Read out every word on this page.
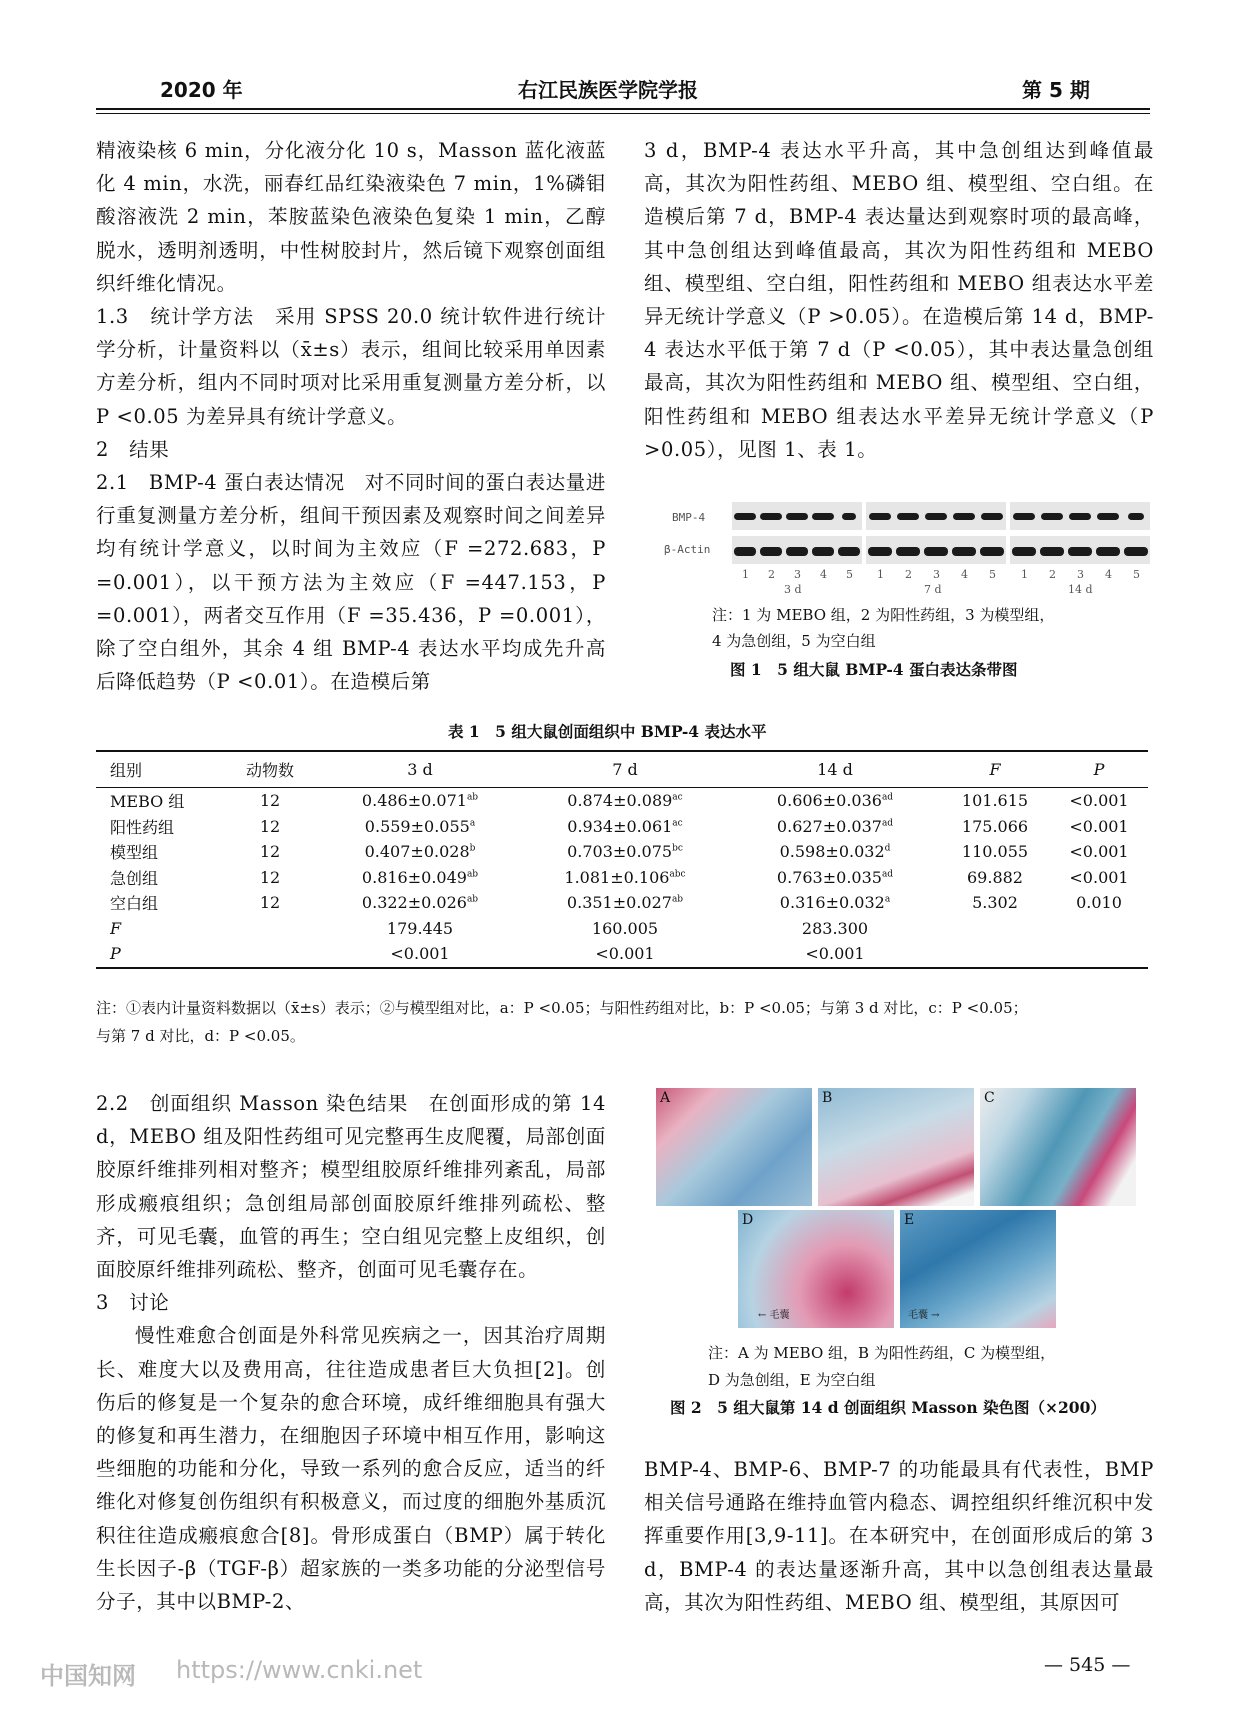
2020 年	右江民族医学院学报	第 5 期

精液染核 6 min，分化液分化 10 s，Masson 蓝化液蓝化 4 min，水洗，丽春红品红染液染色 7 min，1%磷钼酸溶液洗 2 min，苯胺蓝染色液染色复染 1 min，乙醇脱水，透明剂透明，中性树胶封片，然后镜下观察创面组织纤维化情况。

1.3　统计学方法　采用 SPSS 20.0 统计软件进行统计学分析，计量资料以（x̄±s）表示，组间比较采用单因素方差分析，组内不同时项对比采用重复测量方差分析，以 P <0.05 为差异具有统计学意义。

2　结果

2.1　BMP-4 蛋白表达情况　对不同时间的蛋白表达量进行重复测量方差分析，组间干预因素及观察时间之间差异均有统计学意义，以时间为主效应（F =272.683，P =0.001），以干预方法为主效应（F =447.153，P =0.001），两者交互作用（F =35.436，P =0.001），除了空白组外，其余 4 组 BMP-4 表达水平均成先升高后降低趋势（P <0.01）。在造模后第

3 d，BMP-4 表达水平升高，其中急创组达到峰值最高，其次为阳性药组、MEBO 组、模型组、空白组。在造模后第 7 d，BMP-4 表达量达到观察时项的最高峰，其中急创组达到峰值最高，其次为阳性药组和 MEBO 组、模型组、空白组，阳性药组和 MEBO 组表达水平差异无统计学意义（P >0.05）。在造模后第 14 d，BMP-4 表达水平低于第 7 d（P <0.05），其中表达量急创组最高，其次为阳性药组和 MEBO 组、模型组、空白组，阳性药组和 MEBO 组表达水平差异无统计学意义（P >0.05），见图 1、表 1。

BMP-4
β-Actin
1 2 3 4 5 1 2 3 4 5 1 2 3 4 5
3 d	7 d	14 d
注：1 为 MEBO 组，2 为阳性药组，3 为模型组，
4 为急创组，5 为空白组
图 1　5 组大鼠 BMP-4 蛋白表达条带图
表 1　5 组大鼠创面组织中 BMP-4 表达水平
组别	动物数	3 d	7 d	14 d	F	P
MEBO 组	12	0.486±0.071$^{ab}$	0.874±0.089$^{ac}$	0.606±0.036$^{ad}$	101.615	<0.001
阳性药组	12	0.559±0.055$^a$	0.934±0.061$^{ac}$	0.627±0.037$^{ad}$	175.066	<0.001
模型组	12	0.407±0.028$^b$	0.703±0.075$^{bc}$	0.598±0.032$^d$	110.055	<0.001
急创组	12	0.816±0.049$^{ab}$	1.081±0.106$^{abc}$	0.763±0.035$^{ad}$	69.882	<0.001
空白组	12	0.322±0.026$^{ab}$	0.351±0.027$^{ab}$	0.316±0.032$^a$	5.302	0.010
F		179.445	160.005	283.300		
P		<0.001	<0.001	<0.001		
注：①表内计量资料数据以（x̄±s）表示；②与模型组对比，a：P <0.05；与阳性药组对比，b：P <0.05；与第 3 d 对比，c：P <0.05；
与第 7 d 对比，d：P <0.05。

2.2　创面组织 Masson 染色结果　在创面形成的第 14 d，MEBO 组及阳性药组可见完整再生皮爬覆，局部创面胶原纤维排列相对整齐；模型组胶原纤维排列紊乱，局部形成瘢痕组织；急创组局部创面胶原纤维排列疏松、整齐，可见毛囊，血管的再生；空白组见完整上皮组织，创面胶原纤维排列疏松、整齐，创面可见毛囊存在。

3　讨论

慢性难愈合创面是外科常见疾病之一，因其治疗周期长、难度大以及费用高，往往造成患者巨大负担[2]。创伤后的修复是一个复杂的愈合环境，成纤维细胞具有强大的修复和再生潜力，在细胞因子环境中相互作用，影响这些细胞的功能和分化，导致一系列的愈合反应，适当的纤维化对修复创伤组织有积极意义，而过度的细胞外基质沉积往往造成瘢痕愈合[8]。骨形成蛋白（BMP）属于转化生长因子-β（TGF-β）超家族的一类多功能的分泌型信号分子，其中以BMP-2、

A	B	C
D
← 毛囊
E
毛囊 →
注：A 为 MEBO 组，B 为阳性药组，C 为模型组，
D 为急创组，E 为空白组
图 2　5 组大鼠第 14 d 创面组织 Masson 染色图（×200）

BMP-4、BMP-6、BMP-7 的功能最具有代表性，BMP 相关信号通路在维持血管内稳态、调控组织纤维沉积中发挥重要作用[3,9-11]。在本研究中，在创面形成后的第 3 d，BMP-4 的表达量逐渐升高，其中以急创组表达量最高，其次为阳性药组、MEBO 组、模型组，其原因可

— 545 —
中国知网 https://www.cnki.net
